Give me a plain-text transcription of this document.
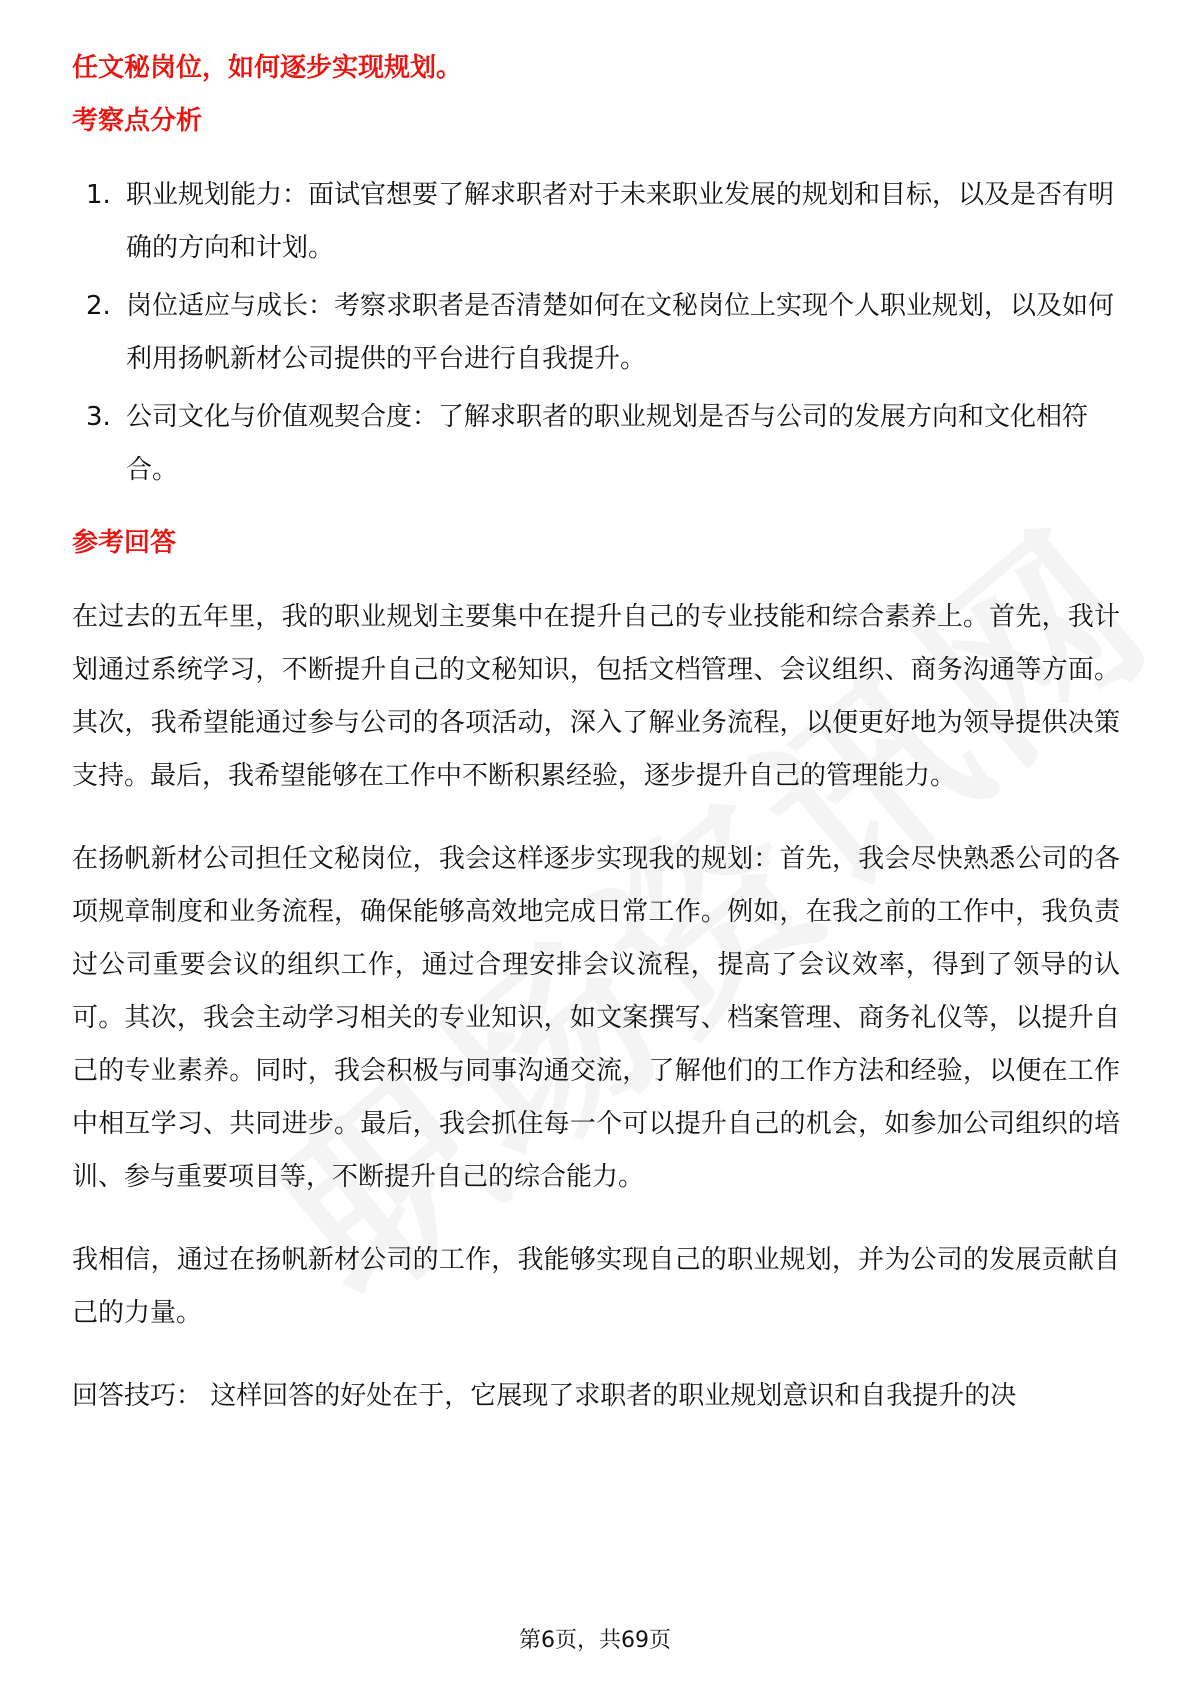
任文秘岗位，如何逐步实现规划。

考察点分析

1. 职业规划能力：面试官想要了解求职者对于未来职业发展的规划和目标，以及是否有明确的方向和计划。
2. 岗位适应与成长：考察求职者是否清楚如何在文秘岗位上实现个人职业规划，以及如何利用扬帆新材公司提供的平台进行自我提升。
3. 公司文化与价值观契合度：了解求职者的职业规划是否与公司的发展方向和文化相符合。

参考回答

在过去的五年里，我的职业规划主要集中在提升自己的专业技能和综合素养上。首先，我计划通过系统学习，不断提升自己的文秘知识，包括文档管理、会议组织、商务沟通等方面。其次，我希望能通过参与公司的各项活动，深入了解业务流程，以便更好地为领导提供决策支持。最后，我希望能够在工作中不断积累经验，逐步提升自己的管理能力。

在扬帆新材公司担任文秘岗位，我会这样逐步实现我的规划：首先，我会尽快熟悉公司的各项规章制度和业务流程，确保能够高效地完成日常工作。例如，在我之前的工作中，我负责过公司重要会议的组织工作，通过合理安排会议流程，提高了会议效率，得到了领导的认可。其次，我会主动学习相关的专业知识，如文案撰写、档案管理、商务礼仪等，以提升自己的专业素养。同时，我会积极与同事沟通交流，了解他们的工作方法和经验，以便在工作中相互学习、共同进步。最后，我会抓住每一个可以提升自己的机会，如参加公司组织的培训、参与重要项目等，不断提升自己的综合能力。

我相信，通过在扬帆新材公司的工作，我能够实现自己的职业规划，并为公司的发展贡献自己的力量。

回答技巧： 这样回答的好处在于，它展现了求职者的职业规划意识和自我提升的决

第6页，共69页
